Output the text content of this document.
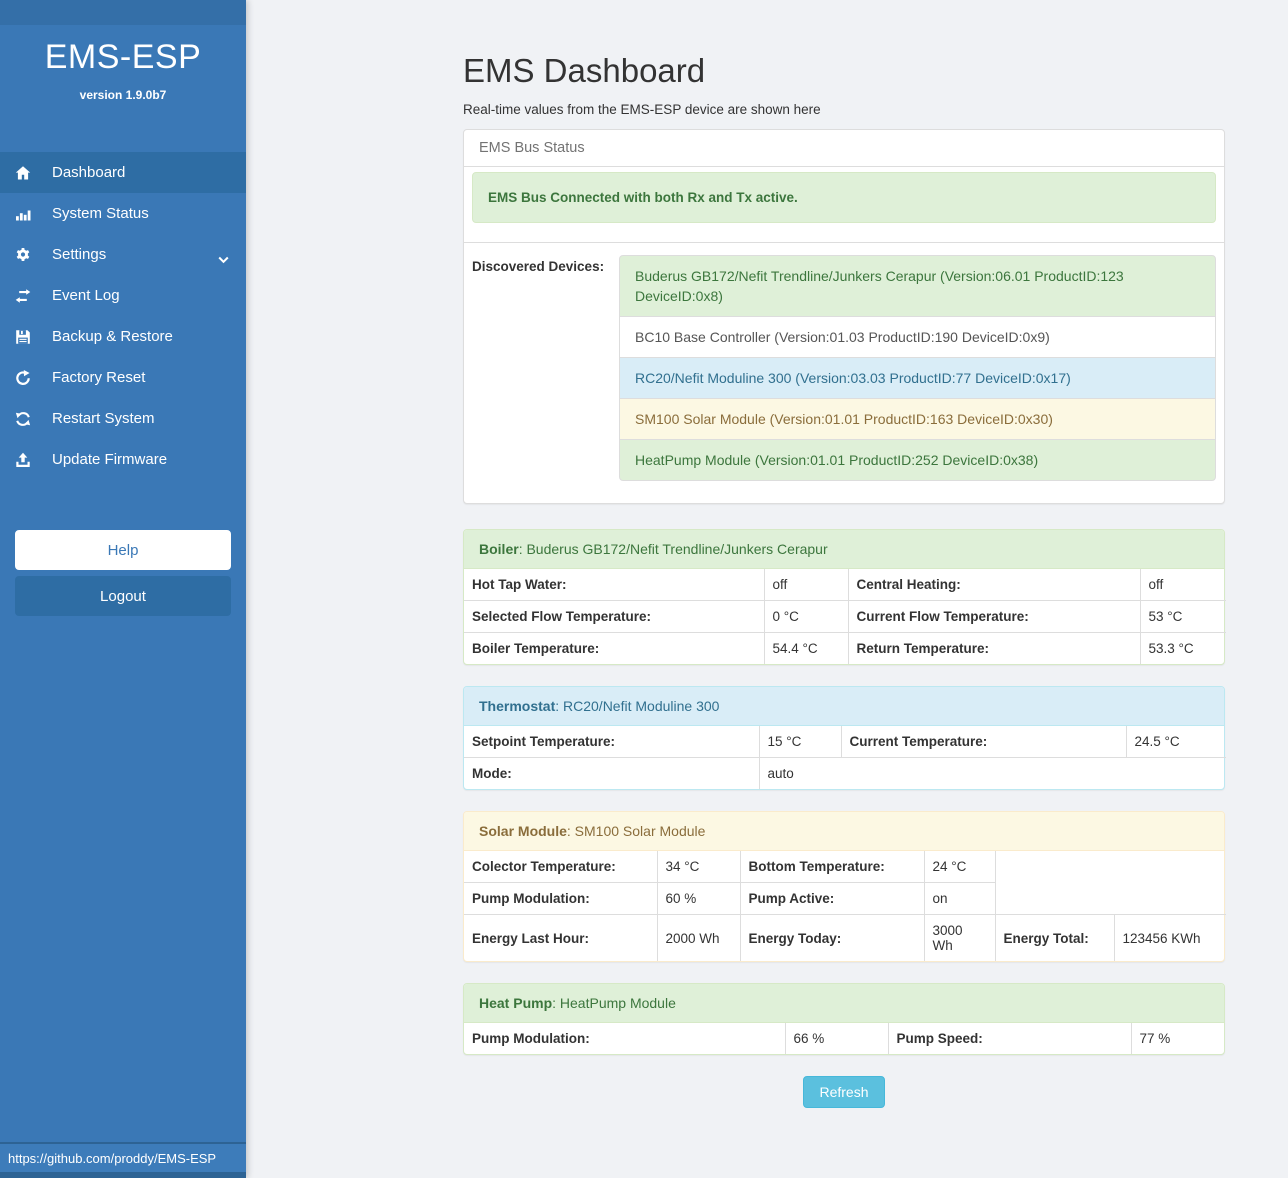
EMS-ESP
version 1.9.0b7
Dashboard
System Status
Settings
Event Log
Backup & Restore
Factory Reset
Restart System
Update Firmware
Help
Logout
https://github.com/proddy/EMS-ESP
EMS Dashboard

Real-time values from the EMS-ESP device are shown here

EMS Bus Status
EMS Bus Connected with both Rx and Tx active.
Discovered Devices:
Buderus GB172/Nefit Trendline/Junkers Cerapur (Version:06.01 ProductID:123 DeviceID:0x8)
BC10 Base Controller (Version:01.03 ProductID:190 DeviceID:0x9)
RC20/Nefit Moduline 300 (Version:03.03 ProductID:77 DeviceID:0x17)
SM100 Solar Module (Version:01.01 ProductID:163 DeviceID:0x30)
HeatPump Module (Version:01.01 ProductID:252 DeviceID:0x38)
Boiler: Buderus GB172/Nefit Trendline/Junkers Cerapur
Hot Tap Water:	off	Central Heating:	off
Selected Flow Temperature:	0 °C	Current Flow Temperature:	53 °C
Boiler Temperature:	54.4 °C	Return Temperature:	53.3 °C
Thermostat: RC20/Nefit Moduline 300
Setpoint Temperature:	15 °C	Current Temperature:	24.5 °C
Mode:	auto		
Solar Module: SM100 Solar Module
Colector Temperature:	34 °C	Bottom Temperature:	24 °C		
Pump Modulation:	60 %	Pump Active:	on		
Energy Last Hour:	2000 Wh	Energy Today:	3000 Wh	Energy Total:	123456 KWh
Heat Pump: HeatPump Module
Pump Modulation:	66 %	Pump Speed:	77 %
Refresh
